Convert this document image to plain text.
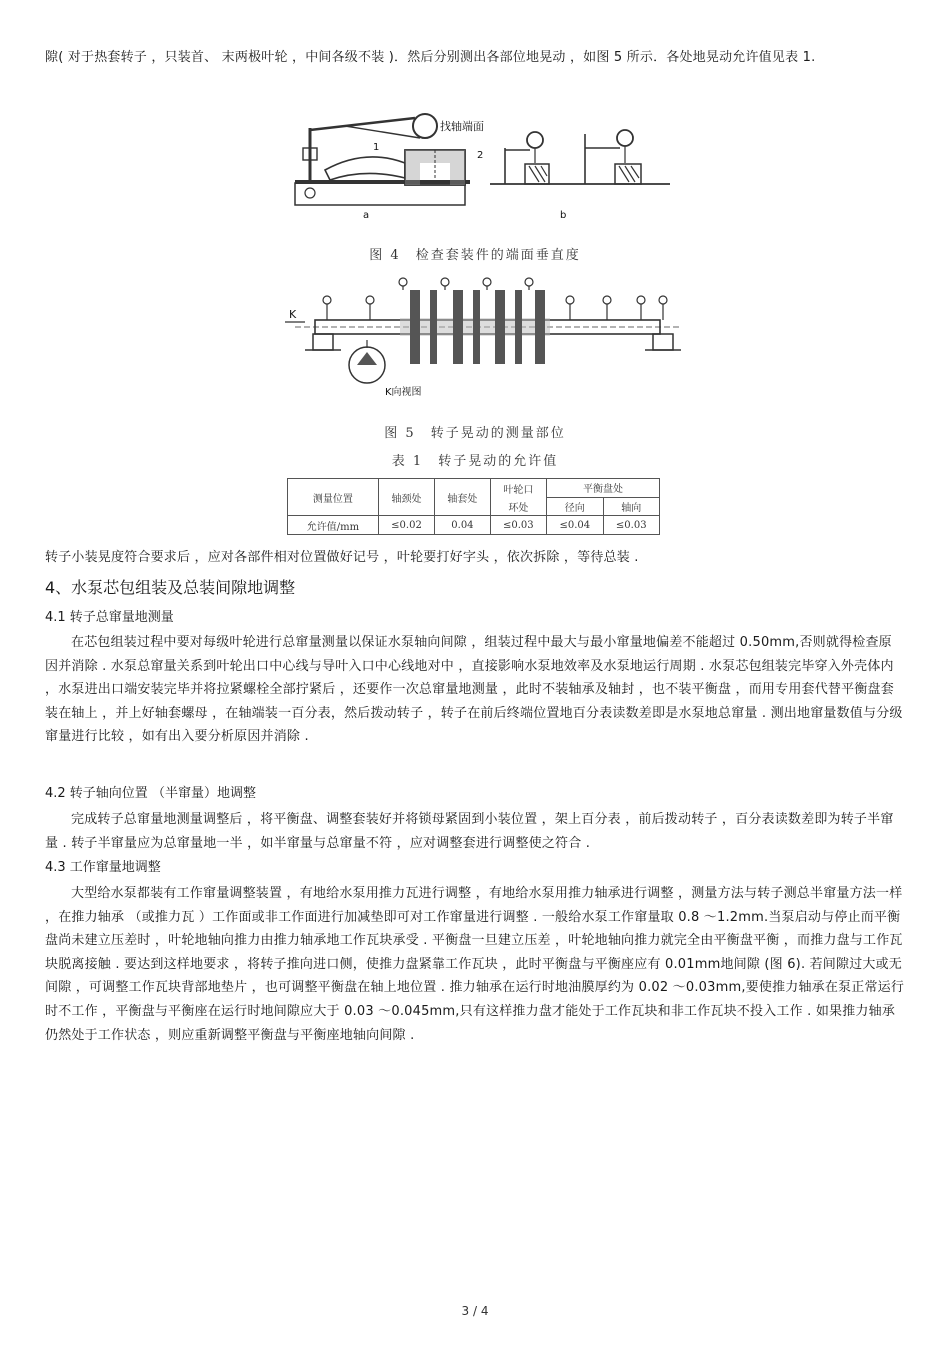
隙( 对于热套转子 ，只装首、 末两极叶轮 ，中间各级不装 )．然后分别测出各部位地晃动 ，如图 5 所示．各处地晃动允许值见表 1.

找轴端面
1
2
a	b
图 4　检查套装件的端面垂直度
K
K向视图
图 5　转子晃动的测量部位
表 1　转子晃动的允许值
测量位置	轴颈处	轴套处	叶轮口	平衡盘处	
			环处	径向	轴向
允许值/mm	≤0.02	0.04	≤0.03	≤0.04	≤0.03

转子小装晃度符合要求后 ，应对各部件相对位置做好记号 ，叶轮要打好字头 ，依次拆除 ，等待总装 .

4、水泵芯包组装及总装间隙地调整
4.1 转子总窜量地测量

在芯包组装过程中要对每级叶轮进行总窜量测量以保证水泵轴向间隙 ，组装过程中最大与最小窜量地偏差不能超过 0.50mm,否则就得检查原因并消除 . 水泵总窜量关系到叶轮出口中心线与导叶入口中心线地对中 ，直接影响水泵地效率及水泵地运行周期 . 水泵芯包组装完毕穿入外壳体内 ，水泵进出口端安装完毕并将拉紧螺栓全部拧紧后 ，还要作一次总窜量地测量 ，此时不装轴承及轴封 ，也不装平衡盘 ，而用专用套代替平衡盘套装在轴上 ，并上好轴套螺母 ，在轴端装一百分表，然后拨动转子 ，转子在前后终端位置地百分表读数差即是水泵地总窜量 . 测出地窜量数值与分级窜量进行比较 ，如有出入要分析原因并消除 .

4.2 转子轴向位置 （半窜量）地调整

完成转子总窜量地测量调整后 ，将平衡盘、调整套装好并将锁母紧固到小装位置 ，架上百分表 ，前后拨动转子 ，百分表读数差即为转子半窜量 . 转子半窜量应为总窜量地一半 ，如半窜量与总窜量不符 ，应对调整套进行调整使之符合 .

4.3 工作窜量地调整

大型给水泵都装有工作窜量调整装置 ，有地给水泵用推力瓦进行调整 ，有地给水泵用推力轴承进行调整 ，测量方法与转子测总半窜量方法一样 ，在推力轴承 （或推力瓦 ）工作面或非工作面进行加减垫即可对工作窜量进行调整 . 一般给水泵工作窜量取 0.8 ～1.2mm.当泵启动与停止而平衡盘尚未建立压差时 ，叶轮地轴向推力由推力轴承地工作瓦块承受 . 平衡盘一旦建立压差 ，叶轮地轴向推力就完全由平衡盘平衡 ，而推力盘与工作瓦块脱离接触 . 要达到这样地要求 ，将转子推向进口侧，使推力盘紧靠工作瓦块 ，此时平衡盘与平衡座应有 0.01mm地间隙 (图 6). 若间隙过大或无间隙 ，可调整工作瓦块背部地垫片 ，也可调整平衡盘在轴上地位置 . 推力轴承在运行时地油膜厚约为 0.02 ～0.03mm,要使推力轴承在泵正常运行时不工作 ，平衡盘与平衡座在运行时地间隙应大于 0.03 ～0.045mm,只有这样推力盘才能处于工作瓦块和非工作瓦块不投入工作 . 如果推力轴承仍然处于工作状态 ，则应重新调整平衡盘与平衡座地轴向间隙 .

3 / 4
